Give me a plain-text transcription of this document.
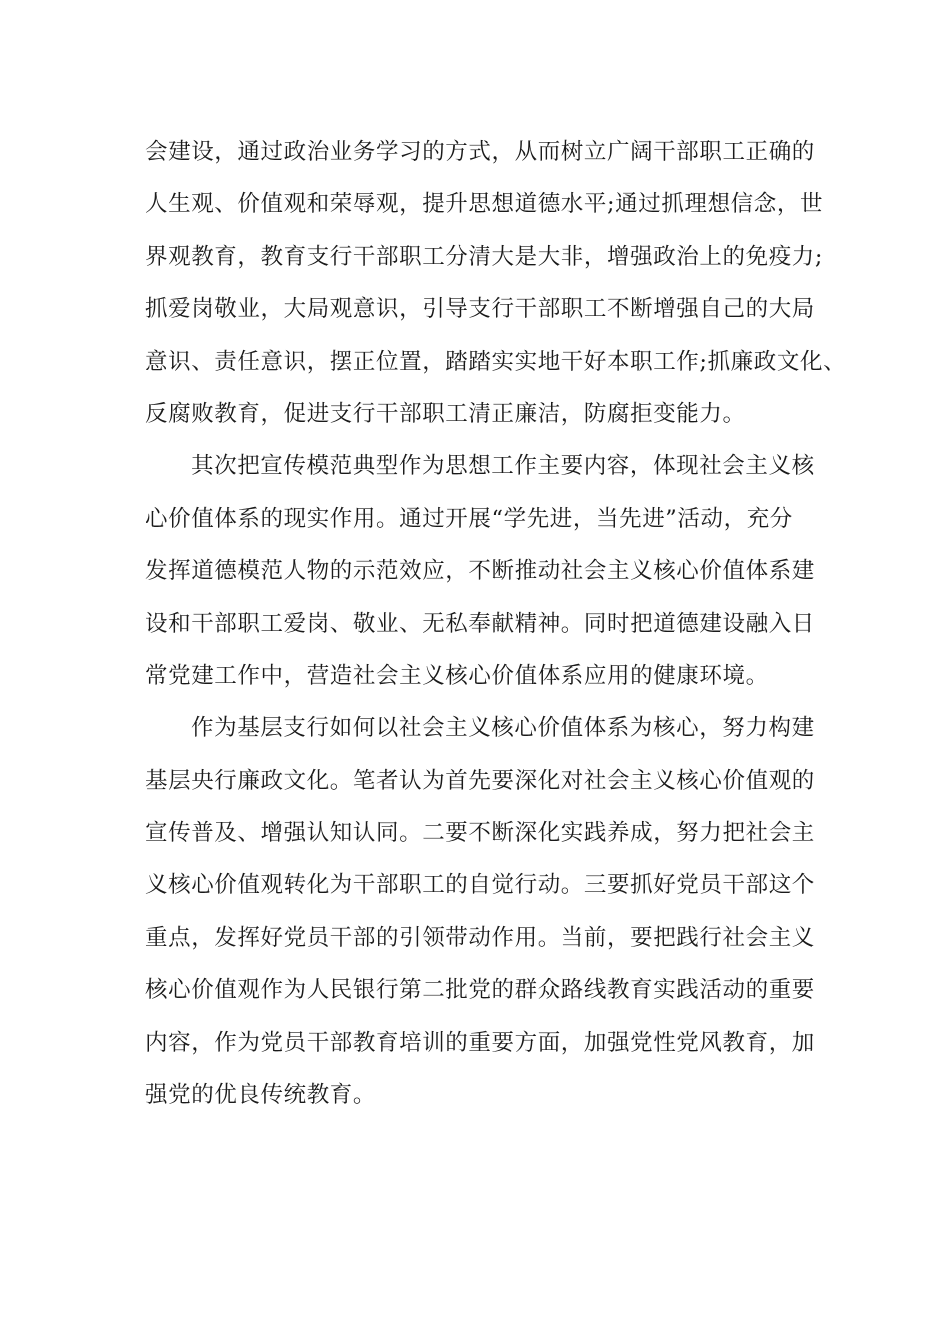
会建设，通过政治业务学习的方式，从而树立广阔干部职工正确的
人生观、价值观和荣辱观，提升思想道德水平;通过抓理想信念，世
界观教育，教育支行干部职工分清大是大非，增强政治上的免疫力;
抓爱岗敬业，大局观意识，引导支行干部职工不断增强自己的大局
意识、责任意识，摆正位置，踏踏实实地干好本职工作;抓廉政文化、
反腐败教育，促进支行干部职工清正廉洁，防腐拒变能力。
其次把宣传模范典型作为思想工作主要内容，体现社会主义核
心价值体系的现实作用。通过开展“学先进，当先进”活动，充分
发挥道德模范人物的示范效应，不断推动社会主义核心价值体系建
设和干部职工爱岗、敬业、无私奉献精神。同时把道德建设融入日
常党建工作中，营造社会主义核心价值体系应用的健康环境。
作为基层支行如何以社会主义核心价值体系为核心，努力构建
基层央行廉政文化。笔者认为首先要深化对社会主义核心价值观的
宣传普及、增强认知认同。二要不断深化实践养成，努力把社会主
义核心价值观转化为干部职工的自觉行动。三要抓好党员干部这个
重点，发挥好党员干部的引领带动作用。当前，要把践行社会主义
核心价值观作为人民银行第二批党的群众路线教育实践活动的重要
内容，作为党员干部教育培训的重要方面，加强党性党风教育，加
强党的优良传统教育。
